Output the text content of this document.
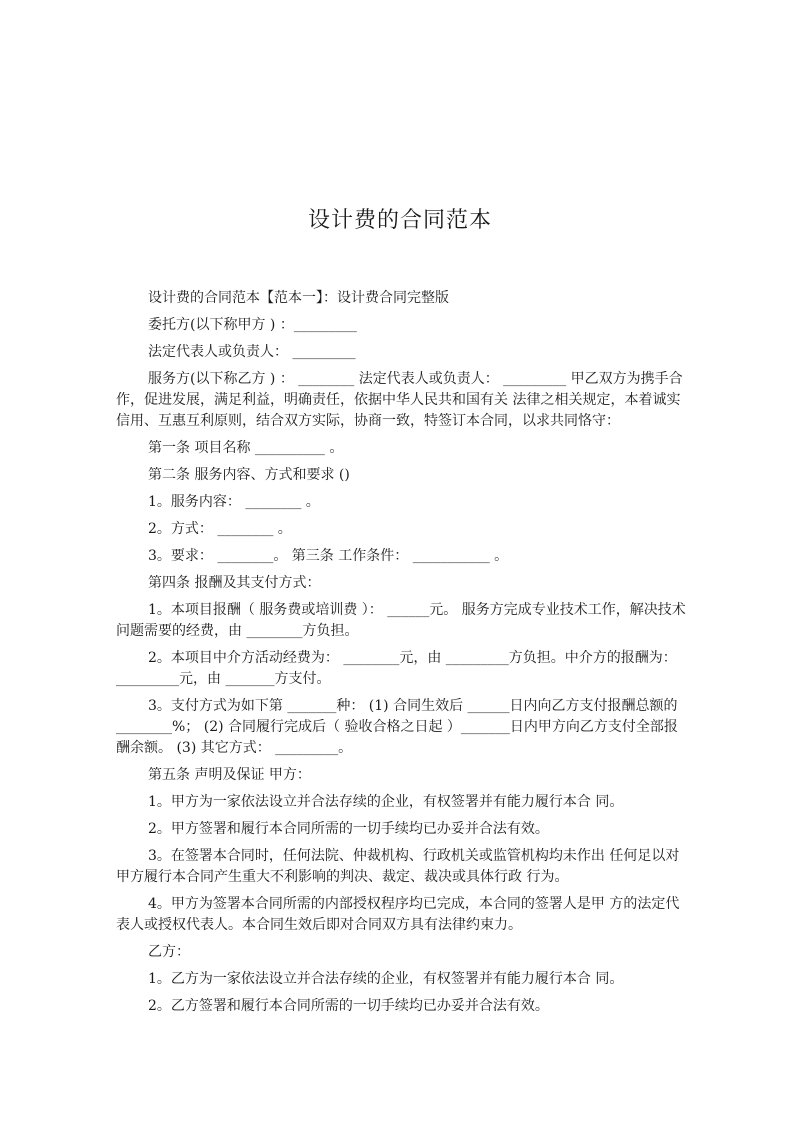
设计费的合同范本

设计费的合同范本【范本一】：设计费合同完整版

委托方(以下称甲方 ) ：_________

法定代表人或负责人： _________

服务方(以下称乙方 ) ： ________ 法定代表人或负责人： _________ 甲乙双方为携手合作，促进发展，满足利益，明确责任，依据中华人民共和国有关 法律之相关规定，本着诚实信用、互惠互利原则，结合双方实际，协商一致，特签订本合同，以求共同恪守：

第一条 项目名称 __________ 。

第二条 服务内容、方式和要求 ()

1。服务内容： ________ 。

2。方式： ________ 。

3。要求： ________。 第三条 工作条件： ___________ 。

第四条 报酬及其支付方式：

1。本项目报酬（ 服务费或培训费 ）： ______元。 服务方完成专业技术工作，解决技术问题需要的经费，由 ________方负担。

2。本项目中介方活动经费为： ________元，由 _________方负担。中介方的报酬为： _________元，由 _______方支付。

3。支付方式为如下第 _______种： (1) 合同生效后 ______日内向乙方支付报酬总额的 ________%； (2) 合同履行完成后（ 验收合格之日起 ）_______日内甲方向乙方支付全部报酬余额。 (3) 其它方式： _________。

第五条 声明及保证 甲方：

1。甲方为一家依法设立并合法存续的企业，有权签署并有能力履行本合 同。

2。甲方签署和履行本合同所需的一切手续均已办妥并合法有效。

3。在签署本合同时，任何法院、仲裁机构、行政机关或监管机构均未作出 任何足以对甲方履行本合同产生重大不利影响的判决、裁定、裁决或具体行政 行为。

4。甲方为签署本合同所需的内部授权程序均已完成，本合同的签署人是甲 方的法定代表人或授权代表人。本合同生效后即对合同双方具有法律约束力。

乙方：

1。乙方为一家依法设立并合法存续的企业，有权签署并有能力履行本合 同。

2。乙方签署和履行本合同所需的一切手续均已办妥并合法有效。
